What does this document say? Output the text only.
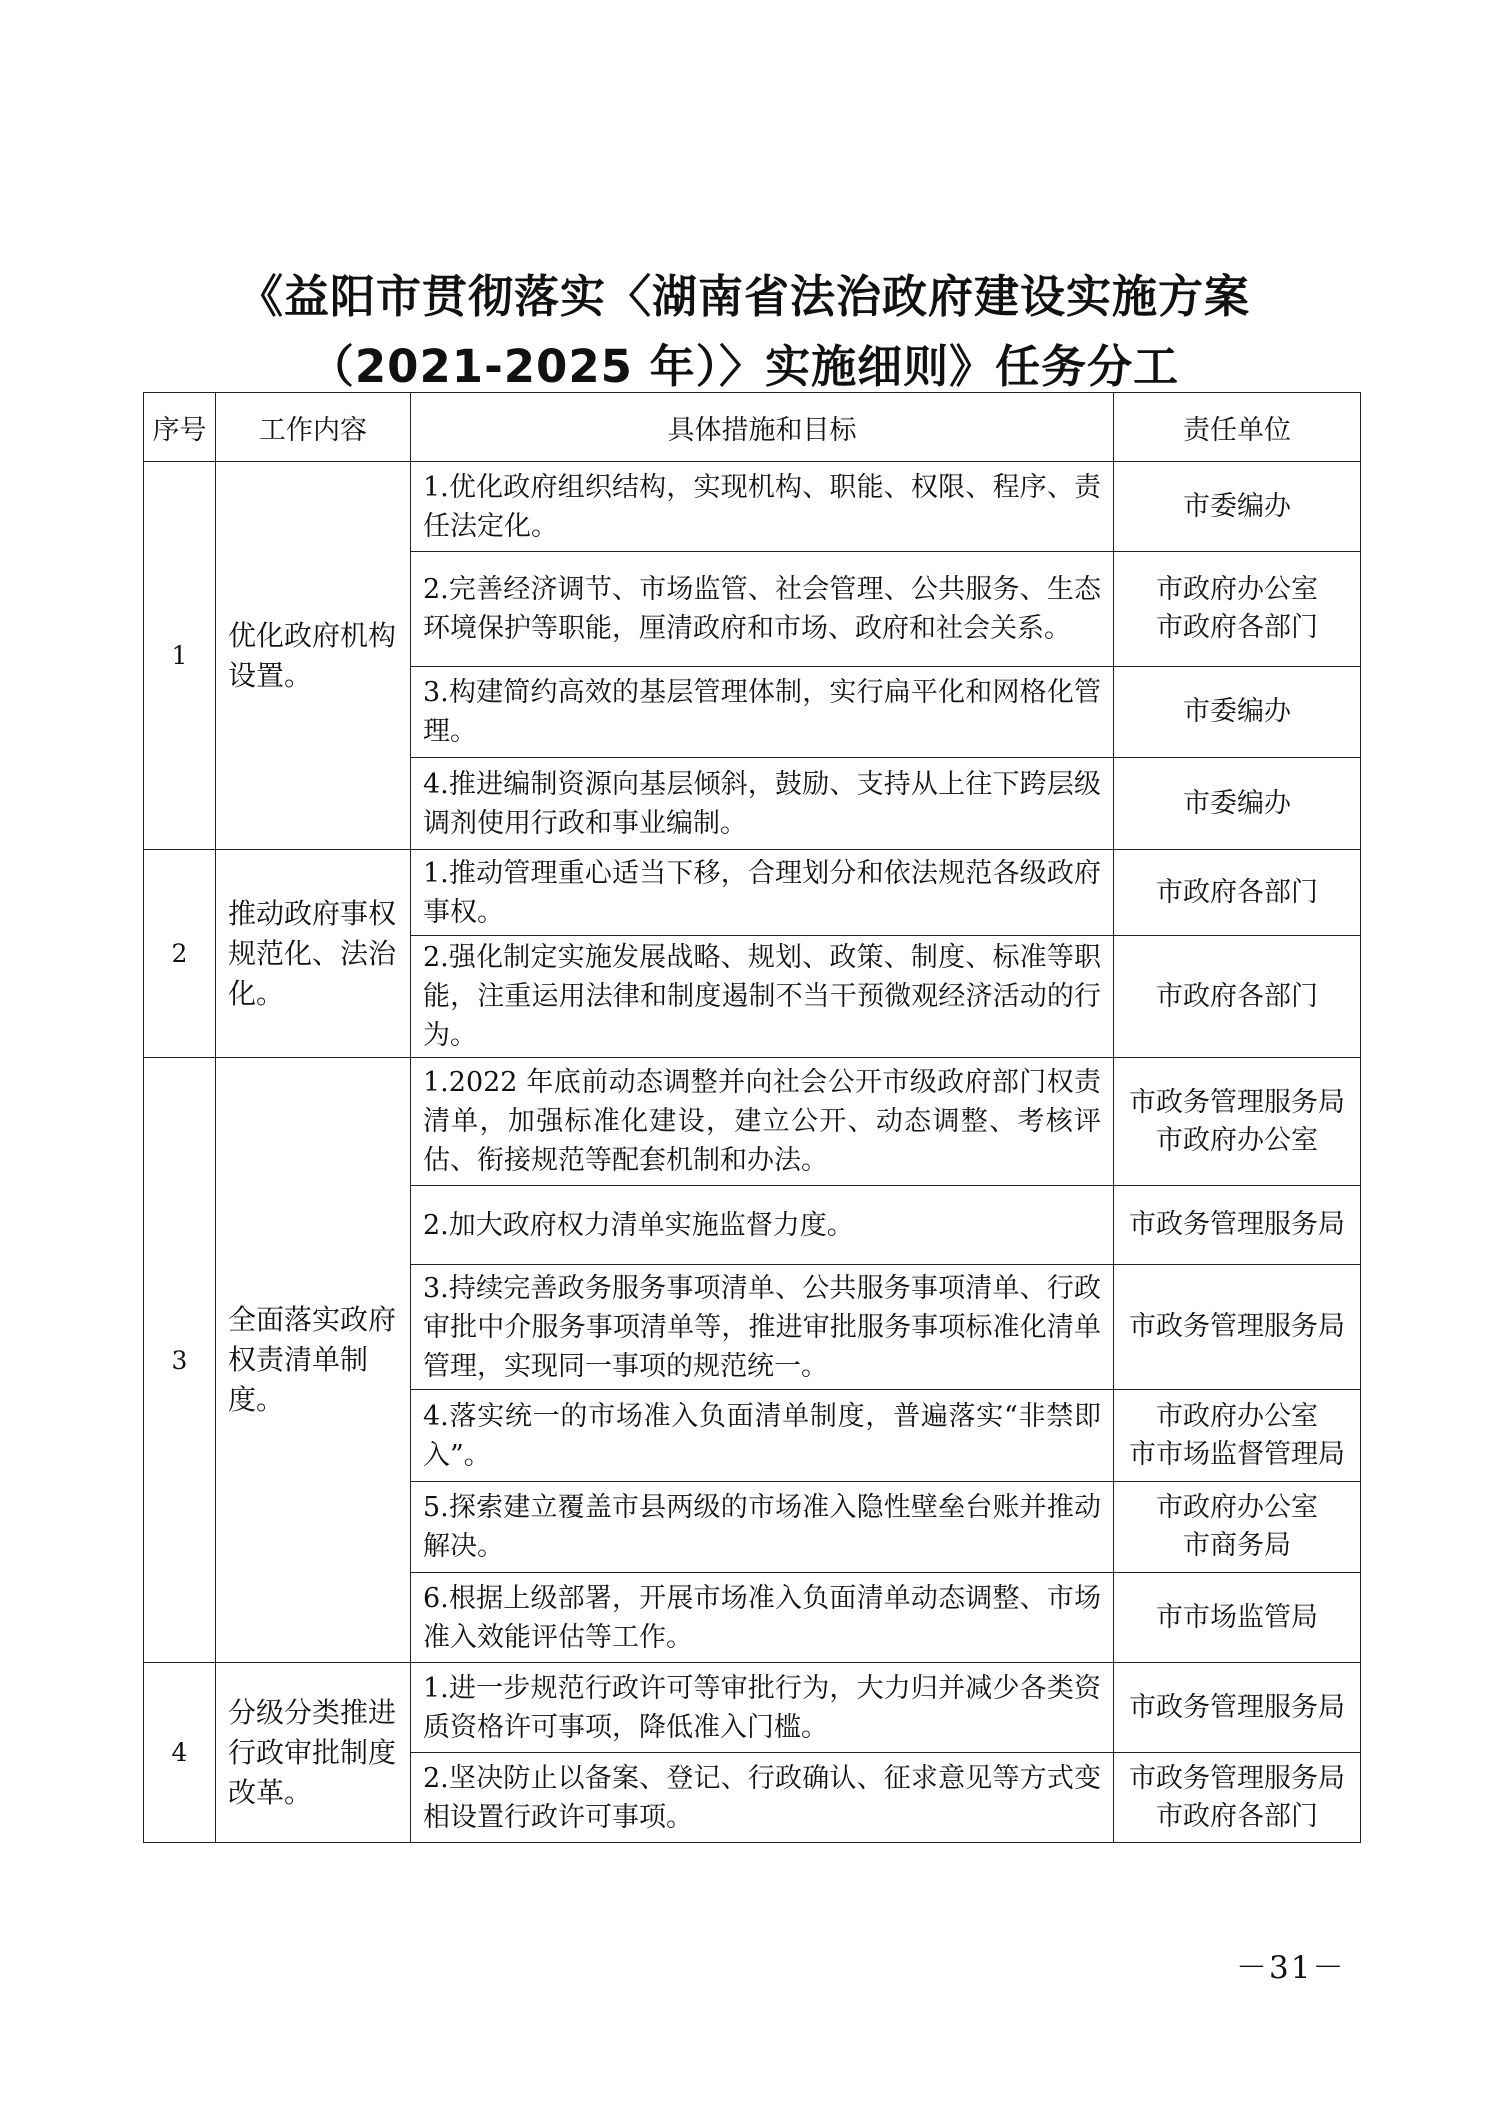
《益阳市贯彻落实〈湖南省法治政府建设实施方案
（2021-2025 年）〉实施细则》任务分工
序号	工作内容	具体措施和目标	责任单位
1	优化政府机构设置。	1.优化政府组织结构，实现机构、职能、权限、程序、责任法定化。	市委编办

		2.完善经济调节、市场监管、社会管理、公共服务、生态环境保护等职能，厘清政府和市场、政府和社会关系。	市政府办公室
市政府各部门

		3.构建简约高效的基层管理体制，实行扁平化和网格化管理。	市委编办

		4.推进编制资源向基层倾斜，鼓励、支持从上往下跨层级调剂使用行政和事业编制。	市委编办

2	推动政府事权规范化、法治化。	1.推动管理重心适当下移，合理划分和依法规范各级政府事权。	市政府各部门

		2.强化制定实施发展战略、规划、政策、制度、标准等职能，注重运用法律和制度遏制不当干预微观经济活动的行为。	市政府各部门

3	全面落实政府权责清单制度。	1.2022 年底前动态调整并向社会公开市级政府部门权责清单，加强标准化建设，建立公开、动态调整、考核评估、衔接规范等配套机制和办法。	市政务管理服务局
市政府办公室

		2.加大政府权力清单实施监督力度。	市政务管理服务局

		3.持续完善政务服务事项清单、公共服务事项清单、行政审批中介服务事项清单等，推进审批服务事项标准化清单管理，实现同一事项的规范统一。	市政务管理服务局

		4.落实统一的市场准入负面清单制度，普遍落实“非禁即入”。	市政府办公室
市市场监督管理局

		5.探索建立覆盖市县两级的市场准入隐性壁垒台账并推动解决。	市政府办公室
市商务局

		6.根据上级部署，开展市场准入负面清单动态调整、市场准入效能评估等工作。	市市场监管局

4	分级分类推进行政审批制度改革。	1.进一步规范行政许可等审批行为，大力归并减少各类资质资格许可事项，降低准入门槛。	市政务管理服务局

		2.坚决防止以备案、登记、行政确认、征求意见等方式变相设置行政许可事项。	市政务管理服务局
市政府各部门
－31－
